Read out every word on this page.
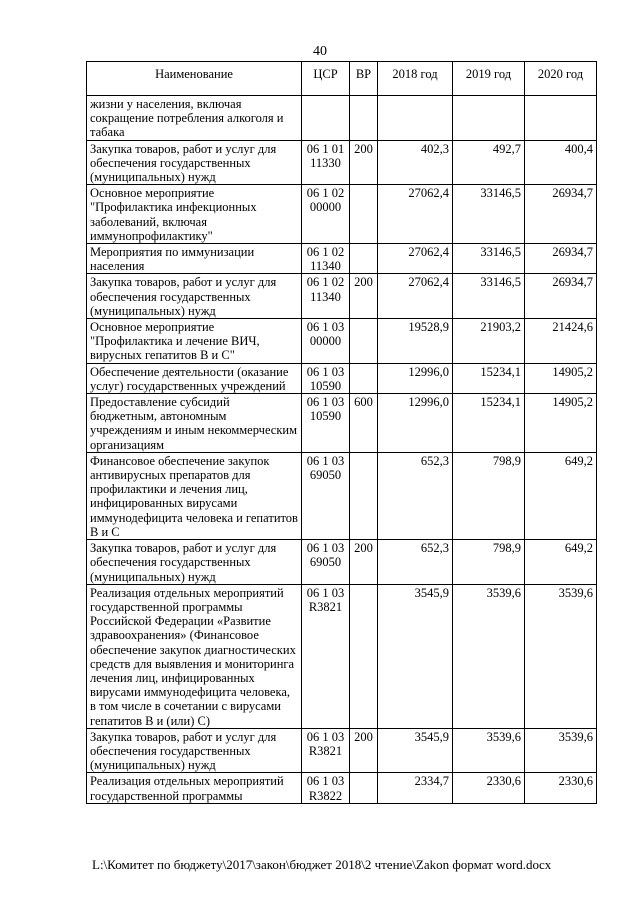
40
Наименование	ЦСР	ВР	2018 год	2019 год	2020 год
жизни у населения, включая сокращение потребления алкоголя и табака					
Закупка товаров, работ и услуг для обеспечения государственных (муниципальных) нужд	06 1 01 11330	200	402,3	492,7	400,4
Основное мероприятие "Профилактика инфекционных заболеваний, включая иммунопрофилактику"	06 1 02 00000		27062,4	33146,5	26934,7
Мероприятия по иммунизации населения	06 1 02 11340		27062,4	33146,5	26934,7
Закупка товаров, работ и услуг для обеспечения государственных (муниципальных) нужд	06 1 02 11340	200	27062,4	33146,5	26934,7
Основное мероприятие "Профилактика и лечение ВИЧ, вирусных гепатитов В и С"	06 1 03 00000		19528,9	21903,2	21424,6
Обеспечение деятельности (оказание услуг) государственных учреждений	06 1 03 10590		12996,0	15234,1	14905,2
Предоставление субсидий бюджетным, автономным учреждениям и иным некоммерческим организациям	06 1 03 10590	600	12996,0	15234,1	14905,2
Финансовое обеспечение закупок антивирусных препаратов для профилактики и лечения лиц, инфицированных вирусами иммунодефицита человека и гепатитов В и С	06 1 03 69050		652,3	798,9	649,2
Закупка товаров, работ и услуг для обеспечения государственных (муниципальных) нужд	06 1 03 69050	200	652,3	798,9	649,2
Реализация отдельных мероприятий государственной программы Российской Федерации «Развитие здравоохранения» (Финансовое обеспечение закупок диагностических средств для выявления и мониторинга лечения лиц, инфицированных вирусами иммунодефицита человека, в том числе в сочетании с вирусами гепатитов В и (или) С)	06 1 03 R3821		3545,9	3539,6	3539,6
Закупка товаров, работ и услуг для обеспечения государственных (муниципальных) нужд	06 1 03 R3821	200	3545,9	3539,6	3539,6
Реализация отдельных мероприятий государственной программы	06 1 03 R3822		2334,7	2330,6	2330,6
L:\Комитет по бюджету\2017\закон\бюджет 2018\2 чтение\Zakon формат word.docx
